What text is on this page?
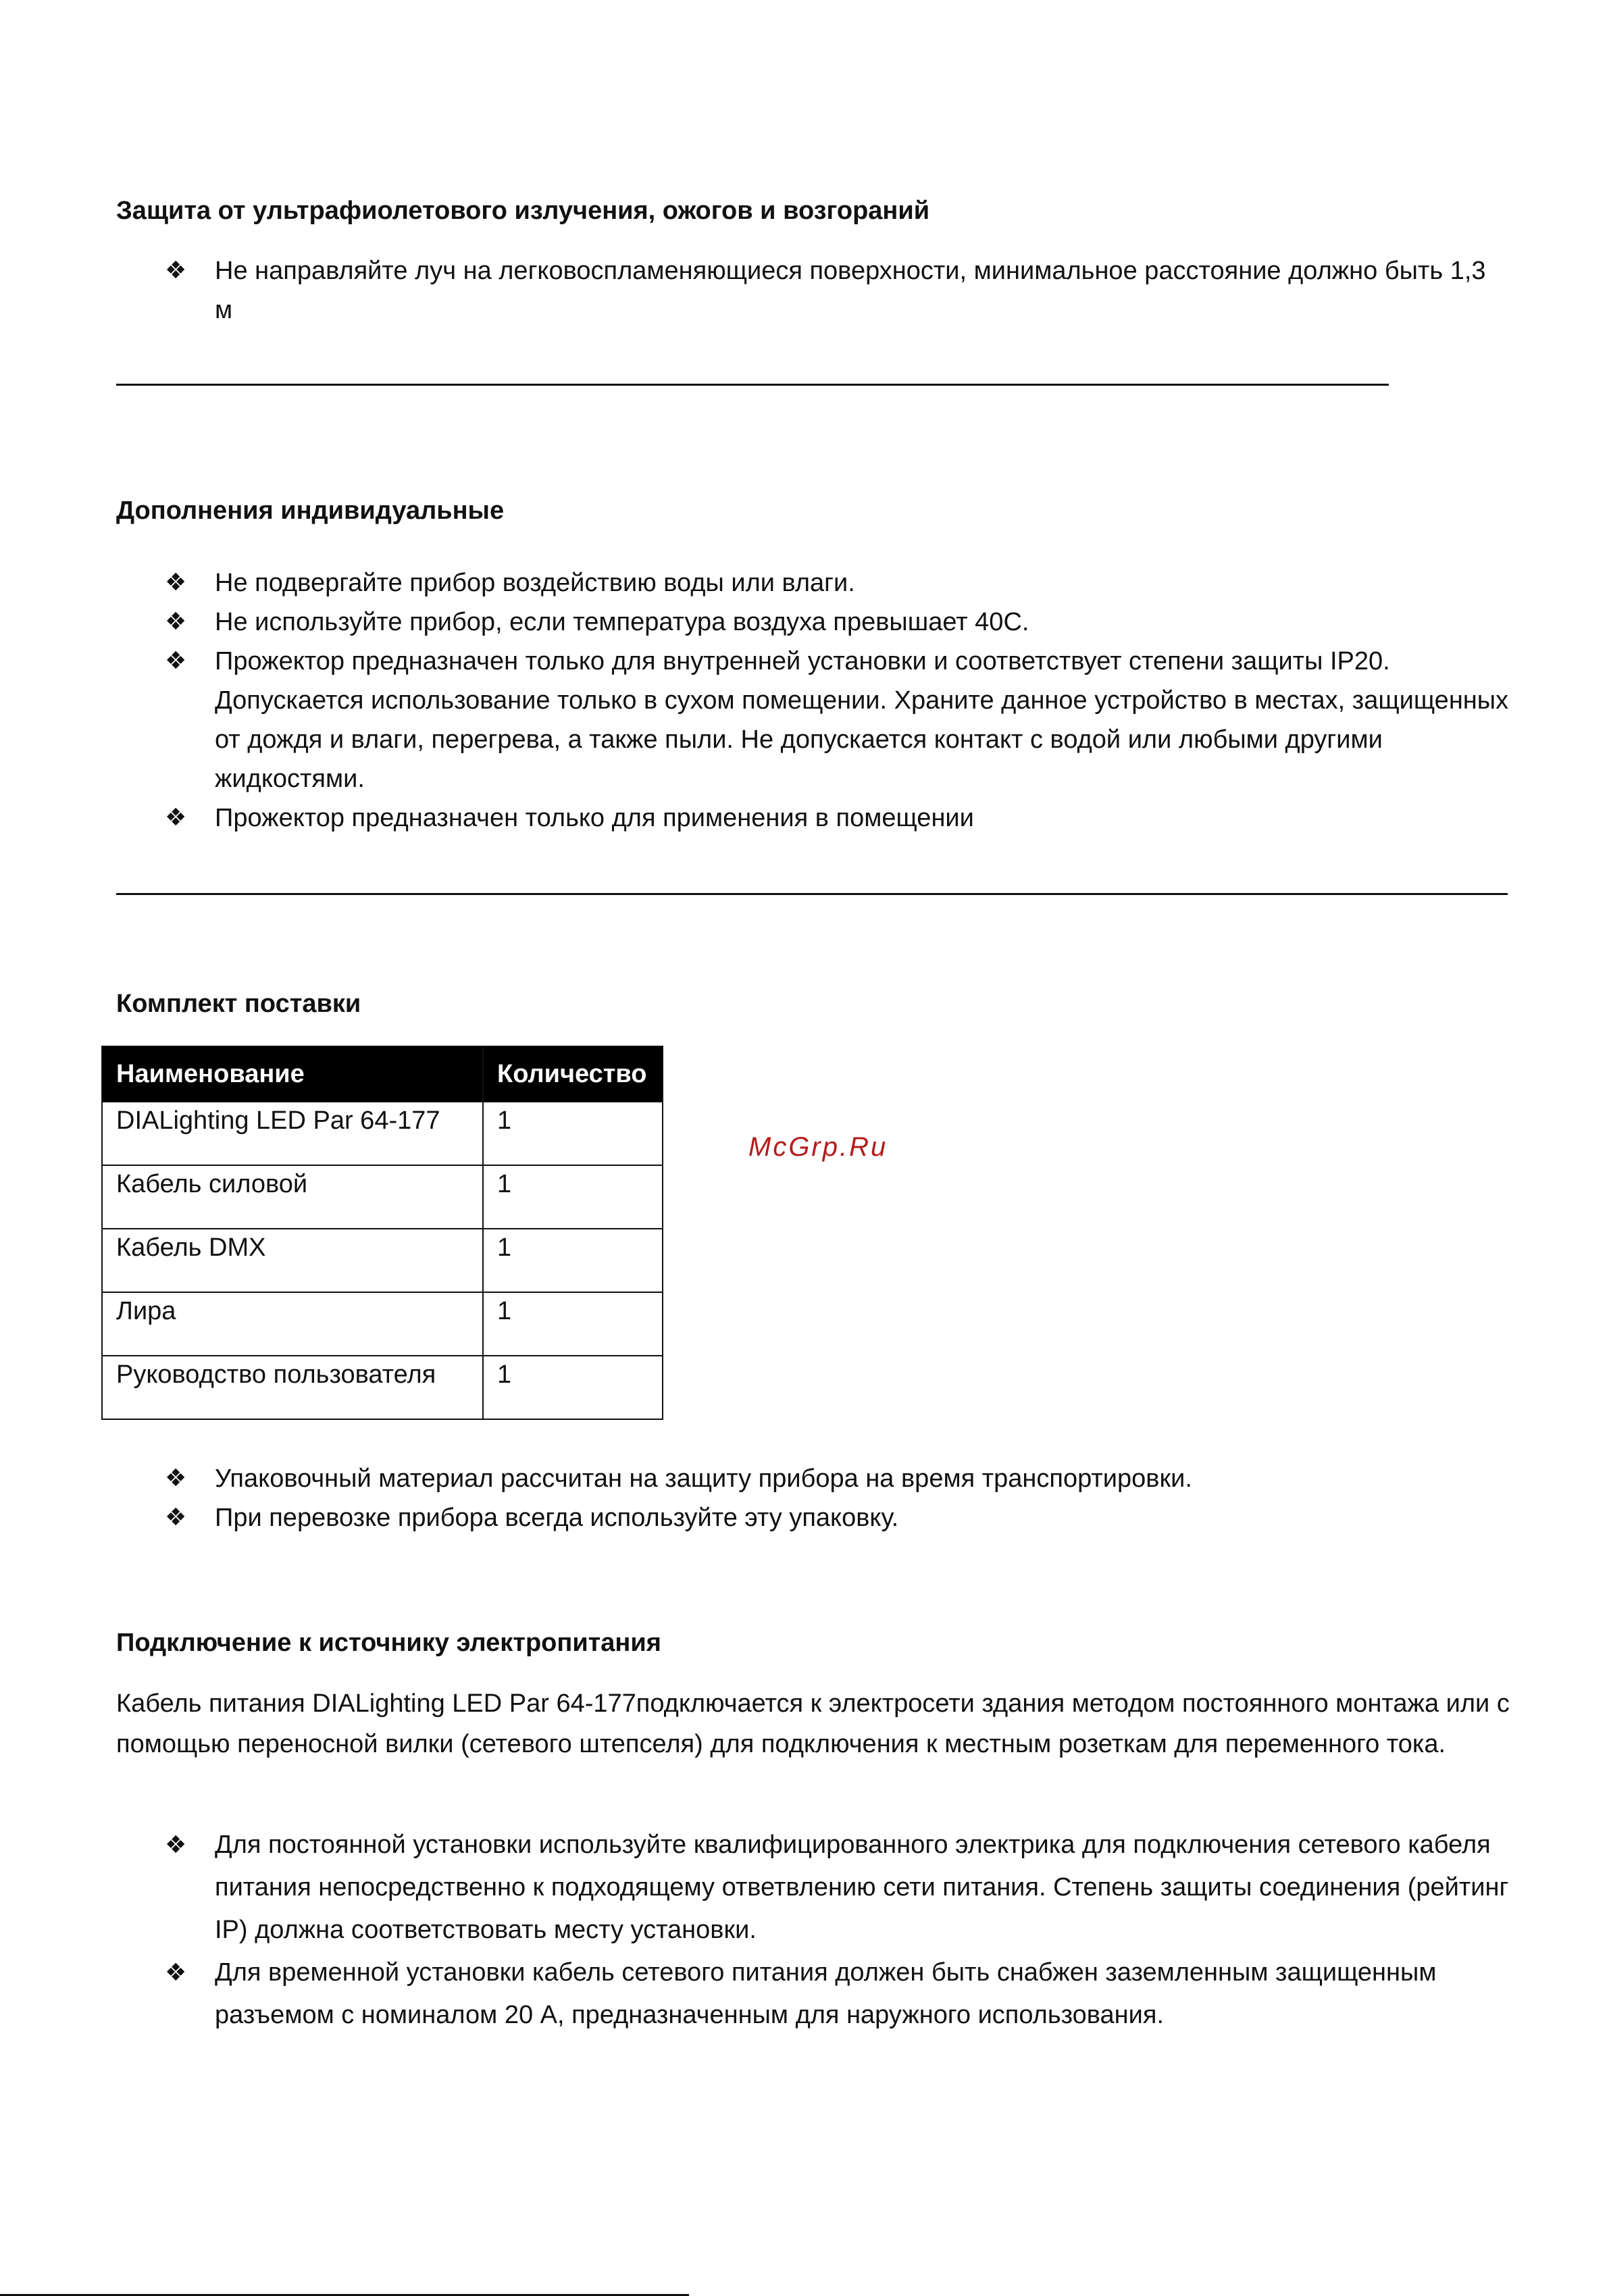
Защита от ультрафиолетового излучения, ожогов и возгораний
❖ Не направляйте луч на легковоспламеняющиеся поверхности, минимальное расстояние должно быть 1,3 м
Дополнения индивидуальные
❖ Не подвергайте прибор воздействию воды или влаги.
❖ Не используйте прибор, если температура воздуха превышает 40С.
❖ Прожектор предназначен только для внутренней установки и соответствует степени защиты IP20. Допускается использование только в сухом помещении. Храните данное устройство в местах, защищенных от дождя и влаги, перегрева, а также пыли. Не допускается контакт с водой или любыми другими жидкостями.
❖ Прожектор предназначен только для применения в помещении
Комплект поставки
Наименование	Количество
DIALighting LED Par 64-177	1
Кабель силовой	1
Кабель DMX	1
Лира	1
Руководство пользователя	1
McGrp.Ru
❖ Упаковочный материал рассчитан на защиту прибора на время транспортировки.
❖ При перевозке прибора всегда используйте эту упаковку.
Подключение к источнику электропитания

Кабель питания DIALighting LED Par 64-177подключается к электросети здания методом постоянного монтажа или с помощью переносной вилки (сетевого штепселя) для подключения к местным розеткам для переменного тока.

❖ Для постоянной установки используйте квалифицированного электрика для подключения сетевого кабеля питания непосредственно к подходящему ответвлению сети питания. Степень защиты соединения (рейтинг IP) должна соответствовать месту установки.
❖ Для временной установки кабель сетевого питания должен быть снабжен заземленным защищенным разъемом с номиналом 20 А, предназначенным для наружного использования.
